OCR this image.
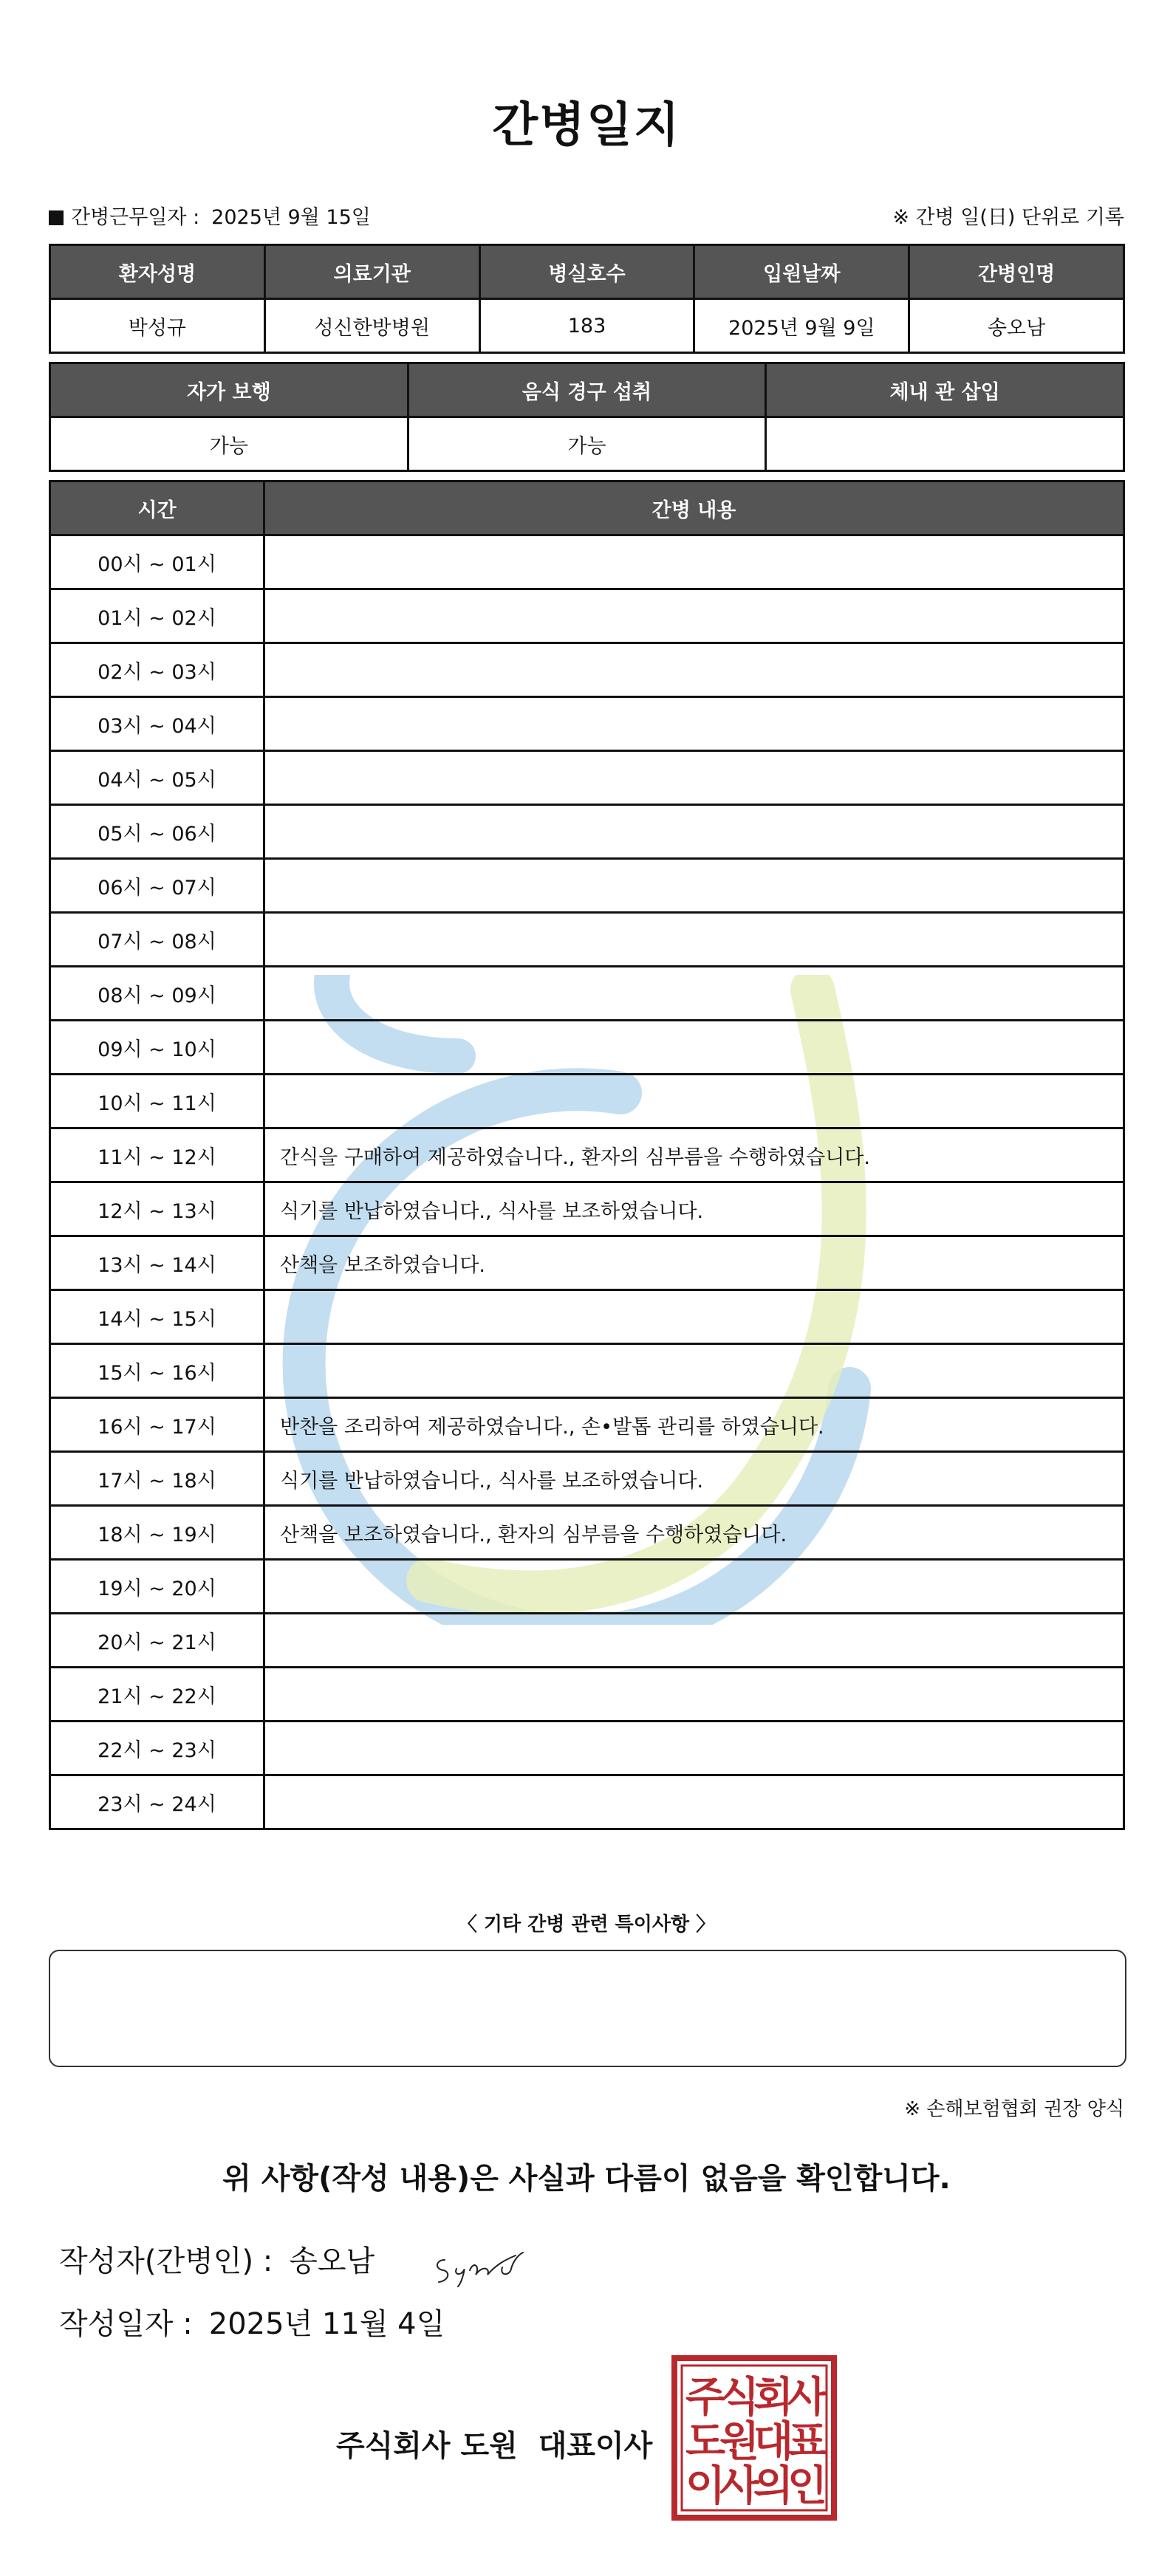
간병일지
간병근무일자 : 2025년 9월 15일	※ 간병 일(日) 단위로 기록
환자성명	의료기관	병실호수	입원날짜	간병인명
박성규	성신한방병원	183	2025년 9월 9일	송오남
자가 보행	음식 경구 섭취	체내 관 삽입
가능	가능	
시간	간병 내용
00시 ~ 01시	
01시 ~ 02시	
02시 ~ 03시	
03시 ~ 04시	
04시 ~ 05시	
05시 ~ 06시	
06시 ~ 07시	
07시 ~ 08시	
08시 ~ 09시	
09시 ~ 10시	
10시 ~ 11시	
11시 ~ 12시	간식을 구매하여 제공하였습니다., 환자의 심부름을 수행하였습니다.
12시 ~ 13시	식기를 반납하였습니다., 식사를 보조하였습니다.
13시 ~ 14시	산책을 보조하였습니다.
14시 ~ 15시	
15시 ~ 16시	
16시 ~ 17시	반찬을 조리하여 제공하였습니다., 손•발톱 관리를 하였습니다.
17시 ~ 18시	식기를 반납하였습니다., 식사를 보조하였습니다.
18시 ~ 19시	산책을 보조하였습니다., 환자의 심부름을 수행하였습니다.
19시 ~ 20시	
20시 ~ 21시	
21시 ~ 22시	
22시 ~ 23시	
23시 ~ 24시	
〈 기타 간병 관련 특이사항 〉
※ 손해보험협회 권장 양식
위 사항(작성 내용)은 사실과 다름이 없음을 확인합니다.
작성자(간병인) : 송오남
작성일자 : 2025년 11월 4일
주식회사 도원 대표이사
주
식
회
사
도
원
대
표
이
사
의
인
